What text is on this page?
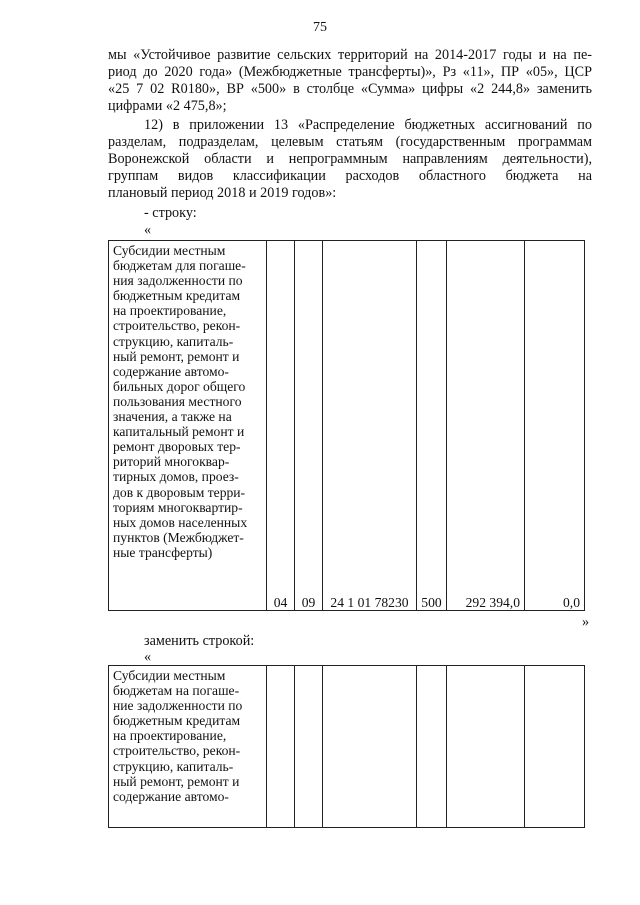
75
мы «Устойчивое развитие сельских территорий на 2014-2017 годы и на пе-
риод до 2020 года» (Межбюджетные трансферты)», Рз «11», ПР «05», ЦСР
«25 7 02 R0180», ВР «500» в столбце «Сумма» цифры «2 244,8» заменить
цифрами «2 475,8»;
12) в приложении 13 «Распределение бюджетных ассигнований по
разделам, подразделам, целевым статьям (государственным программам
Воронежской области и непрограммным направлениям деятельности),
группам видов классификации расходов областного бюджета на
плановый период 2018 и 2019 годов»:
- строку:
«
Субсидии местным
бюджетам для погаше-
ния задолженности по
бюджетным кредитам
на проектирование,
строительство, рекон-
струкцию, капиталь-
ный ремонт, ремонт и
содержание автомо-
бильных дорог общего
пользования местного
значения, а также на
капитальный ремонт и
ремонт дворовых тер-
риторий многоквар-
тирных домов, проез-
дов к дворовым терри-
ториям многоквартир-
ных домов населенных
пунктов (Межбюджет-
ные трансферты)
	04	09	24 1 01 78230	500	292 394,0	0,0
»
заменить строкой:
«
Субсидии местным
бюджетам на погаше-
ние задолженности по
бюджетным кредитам
на проектирование,
строительство, рекон-
струкцию, капиталь-
ный ремонт, ремонт и
содержание автомо-
